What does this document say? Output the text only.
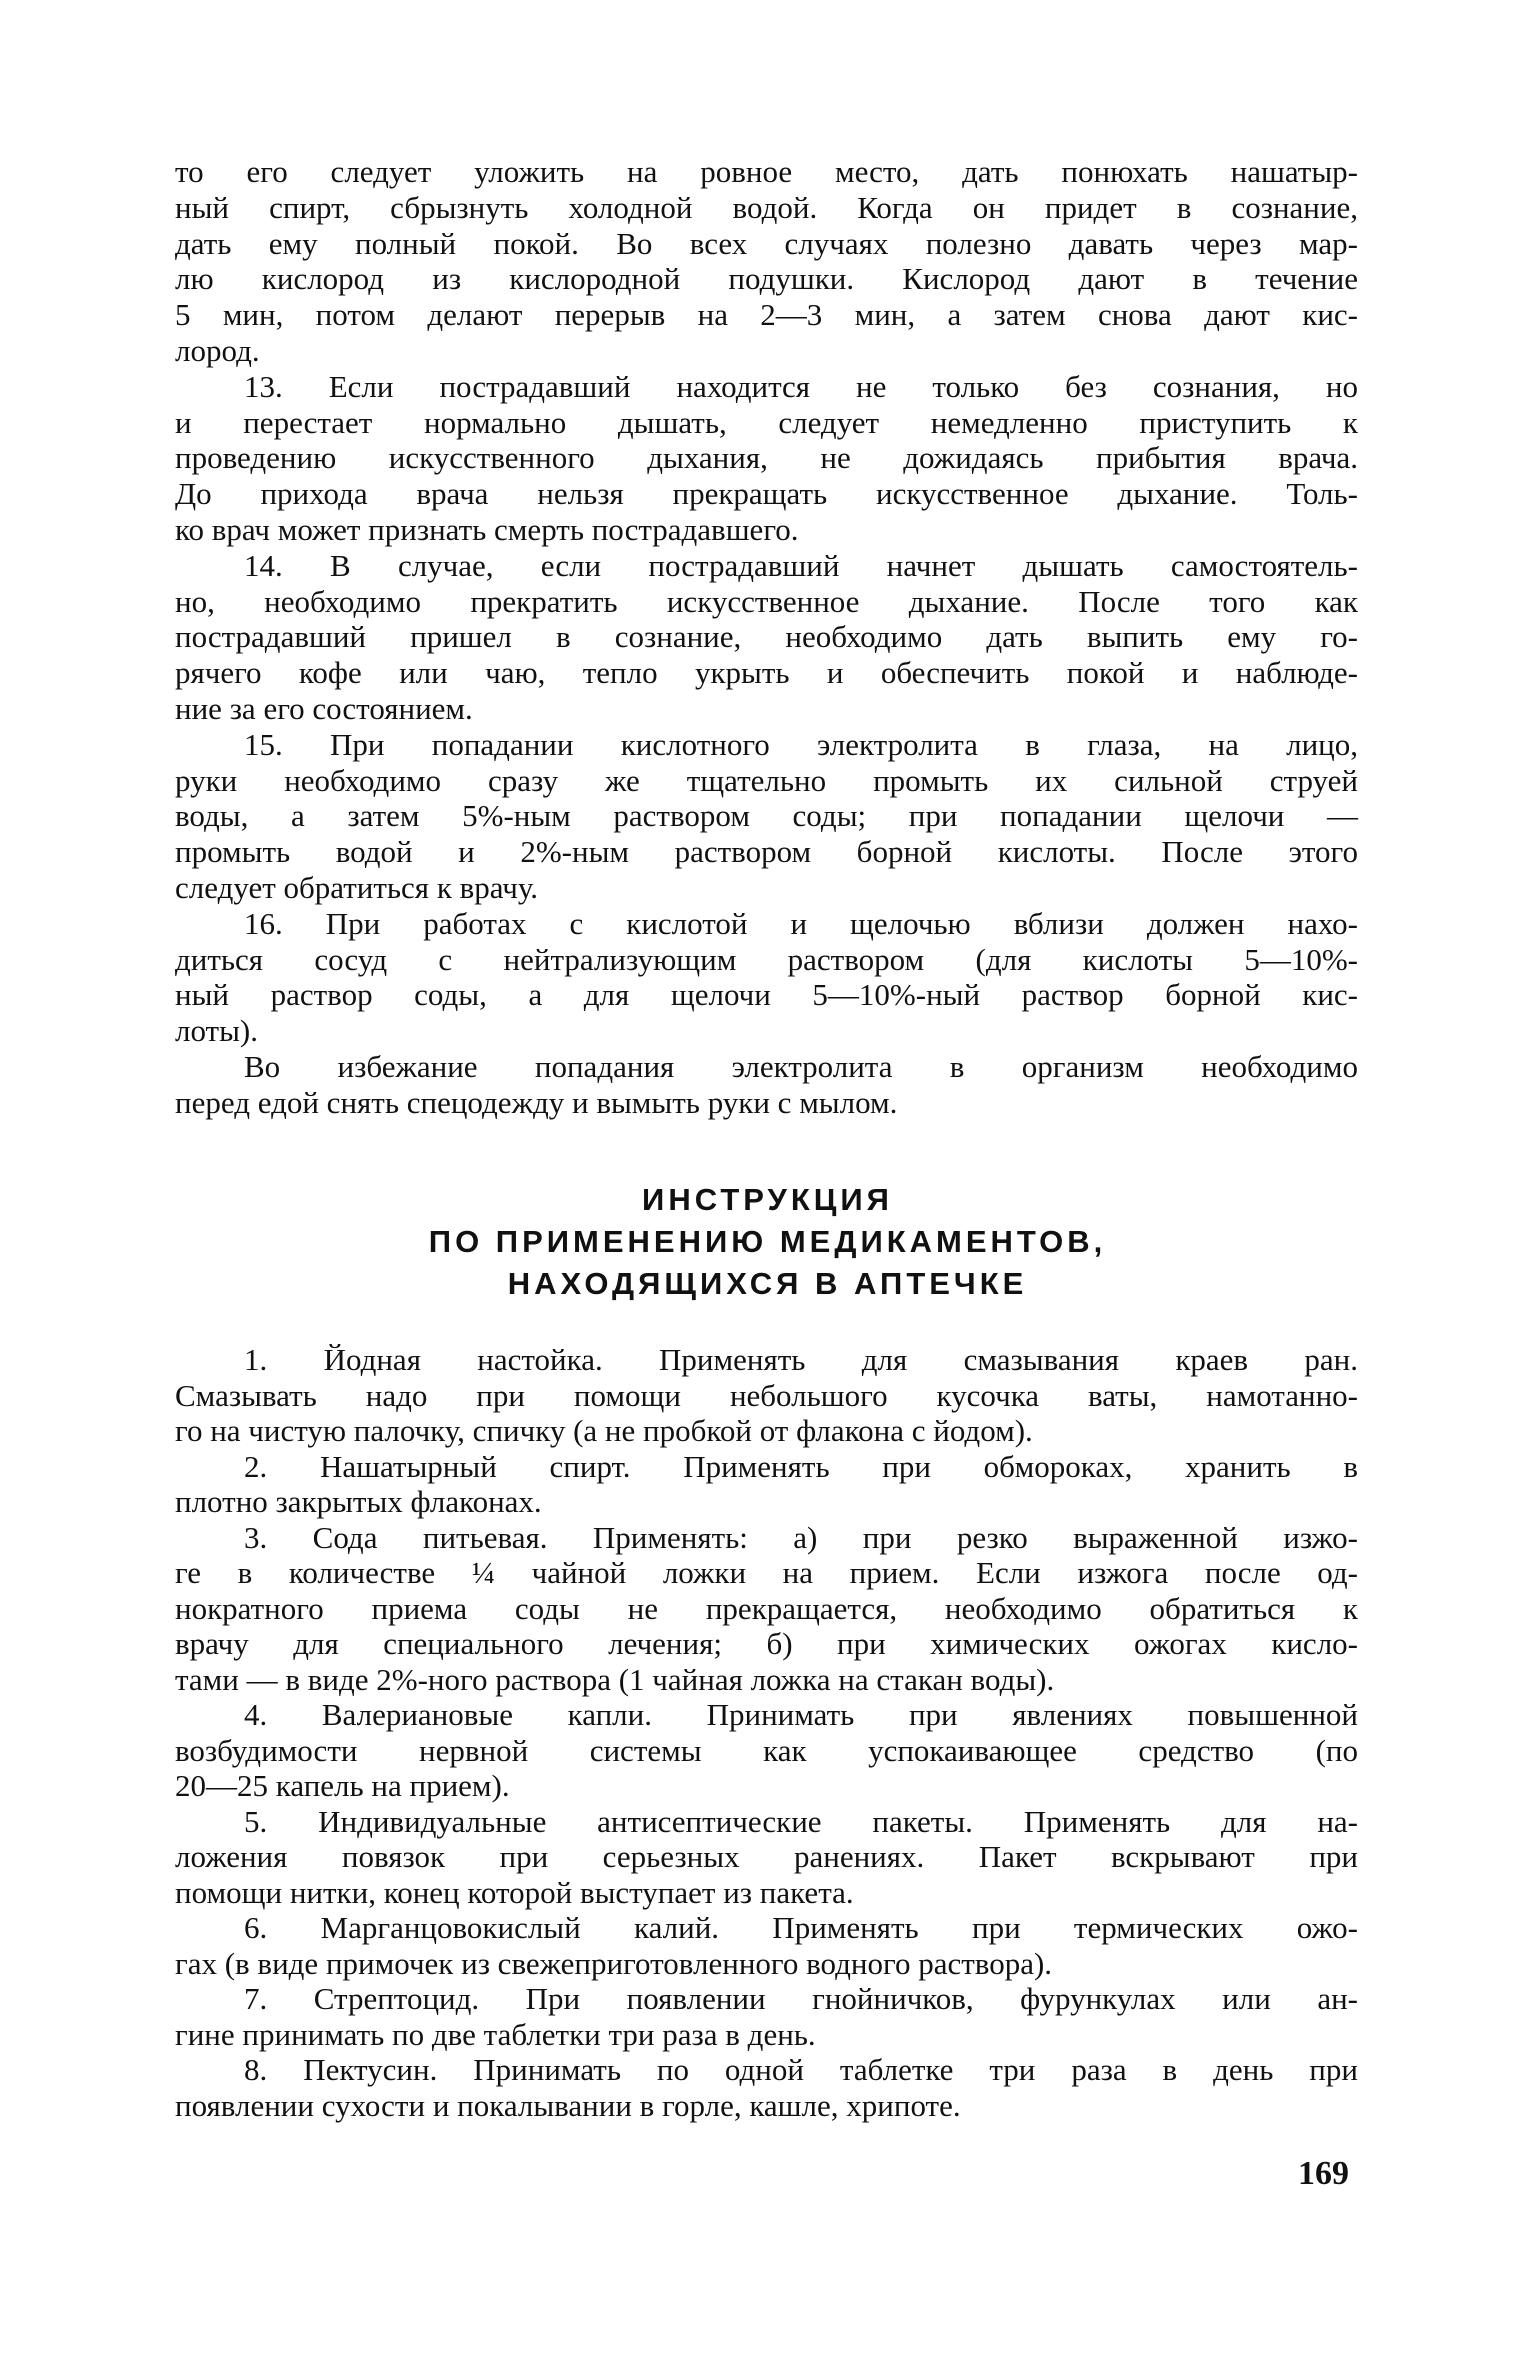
то его следует уложить на ровное место, дать понюхать нашатыр-
ный спирт, сбрызнуть холодной водой. Когда он придет в сознание,
дать ему полный покой. Во всех случаях полезно давать через мар-
лю кислород из кислородной подушки. Кислород дают в течение
5 мин, потом делают перерыв на 2—3 мин, а затем снова дают кис-
лород.
13. Если пострадавший находится не только без сознания, но
и перестает нормально дышать, следует немедленно приступить к
проведению искусственного дыхания, не дожидаясь прибытия врача.
До прихода врача нельзя прекращать искусственное дыхание. Толь-
ко врач может признать смерть пострадавшего.
14. В случае, если пострадавший начнет дышать самостоятель-
но, необходимо прекратить искусственное дыхание. После того как
пострадавший пришел в сознание, необходимо дать выпить ему го-
рячего кофе или чаю, тепло укрыть и обеспечить покой и наблюде-
ние за его состоянием.
15. При попадании кислотного электролита в глаза, на лицо,
руки необходимо сразу же тщательно промыть их сильной струей
воды, а затем 5%-ным раствором соды; при попадании щелочи —
промыть водой и 2%-ным раствором борной кислоты. После этого
следует обратиться к врачу.
16. При работах с кислотой и щелочью вблизи должен нахо-
диться сосуд с нейтрализующим раствором (для кислоты 5—10%-
ный раствор соды, а для щелочи 5—10%-ный раствор борной кис-
лоты).
Во избежание попадания электролита в организм необходимо
перед едой снять спецодежду и вымыть руки с мылом.
ИНСТРУКЦИЯ
ПО ПРИМЕНЕНИЮ МЕДИКАМЕНТОВ,
НАХОДЯЩИХСЯ В АПТЕЧКЕ
1. Йодная настойка. Применять для смазывания краев ран.
Смазывать надо при помощи небольшого кусочка ваты, намотанно-
го на чистую палочку, спичку (а не пробкой от флакона с йодом).
2. Нашатырный спирт. Применять при обмороках, хранить в
плотно закрытых флаконах.
3. Сода питьевая. Применять: а) при резко выраженной изжо-
ге в количестве ¼ чайной ложки на прием. Если изжога после од-
нократного приема соды не прекращается, необходимо обратиться к
врачу для специального лечения; б) при химических ожогах кисло-
тами — в виде 2%-ного раствора (1 чайная ложка на стакан воды).
4. Валериановые капли. Принимать при явлениях повышенной
возбудимости нервной системы как успокаивающее средство (по
20—25 капель на прием).
5. Индивидуальные антисептические пакеты. Применять для на-
ложения повязок при серьезных ранениях. Пакет вскрывают при
помощи нитки, конец которой выступает из пакета.
6. Марганцовокислый калий. Применять при термических ожо-
гах (в виде примочек из свежеприготовленного водного раствора).
7. Стрептоцид. При появлении гнойничков, фурункулах или ан-
гине принимать по две таблетки три раза в день.
8. Пектусин. Принимать по одной таблетке три раза в день при
появлении сухости и покалывании в горле, кашле, хрипоте.
169
